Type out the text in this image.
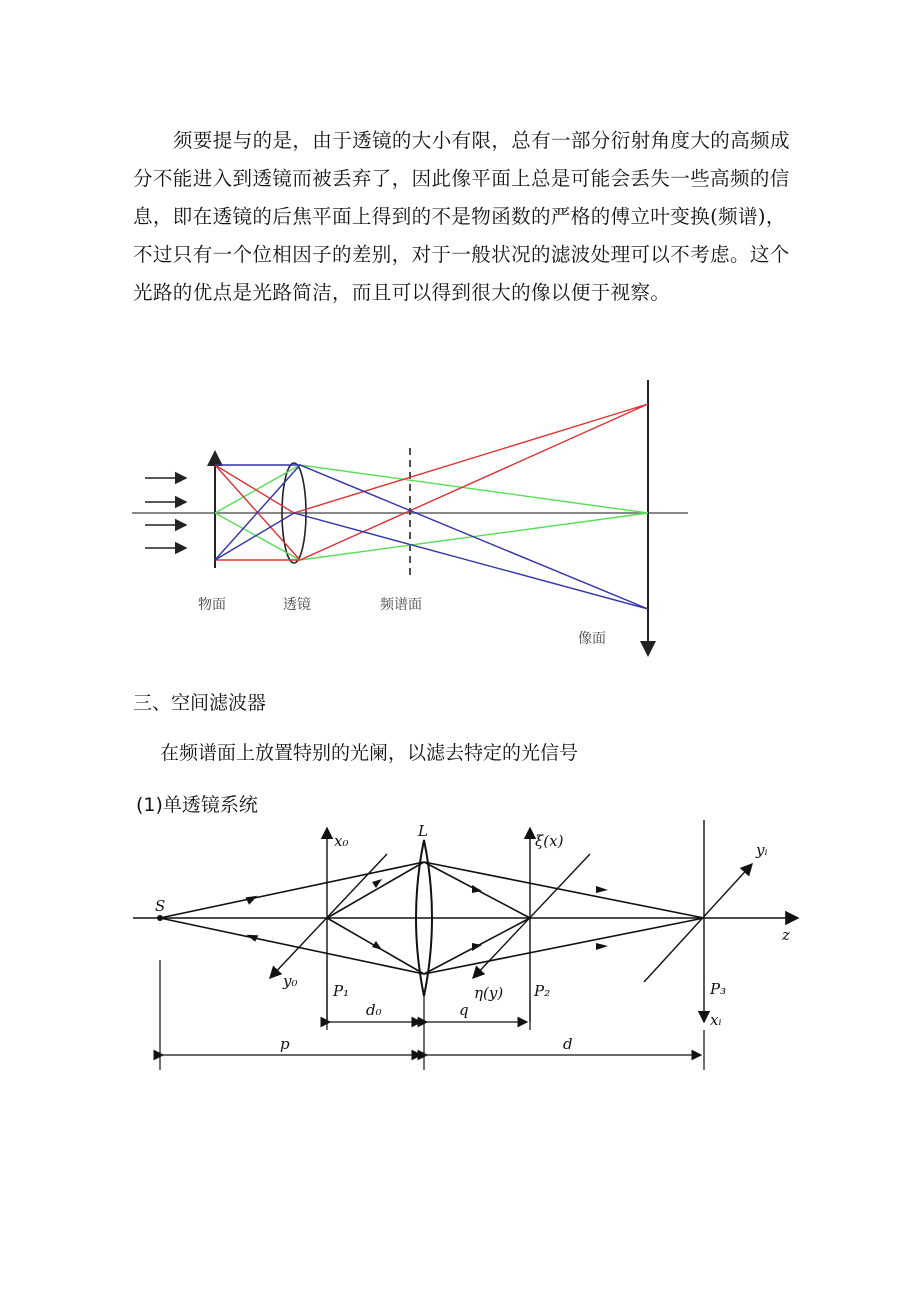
须要提与的是，由于透镜的大小有限，总有一部分衍射角度大的高频成
分不能进入到透镜而被丢弃了，因此像平面上总是可能会丢失一些高频的信
息，即在透镜的后焦平面上得到的不是物函数的严格的傅立叶变换(频谱)，
不过只有一个位相因子的差别，对于一般状况的滤波处理可以不考虑。这个
光路的优点是光路简洁，而且可以得到很大的像以便于视察。
物面	透镜	频谱面
像面
三、空间滤波器
在频谱面上放置特别的光阑，以滤去特定的光信号
(1)单透镜系统
S
L
x₀
y₀
P₁
ξ(x)
η(y) P₂	P₃
yᵢ
xᵢ
z
d₀	q
p	d
